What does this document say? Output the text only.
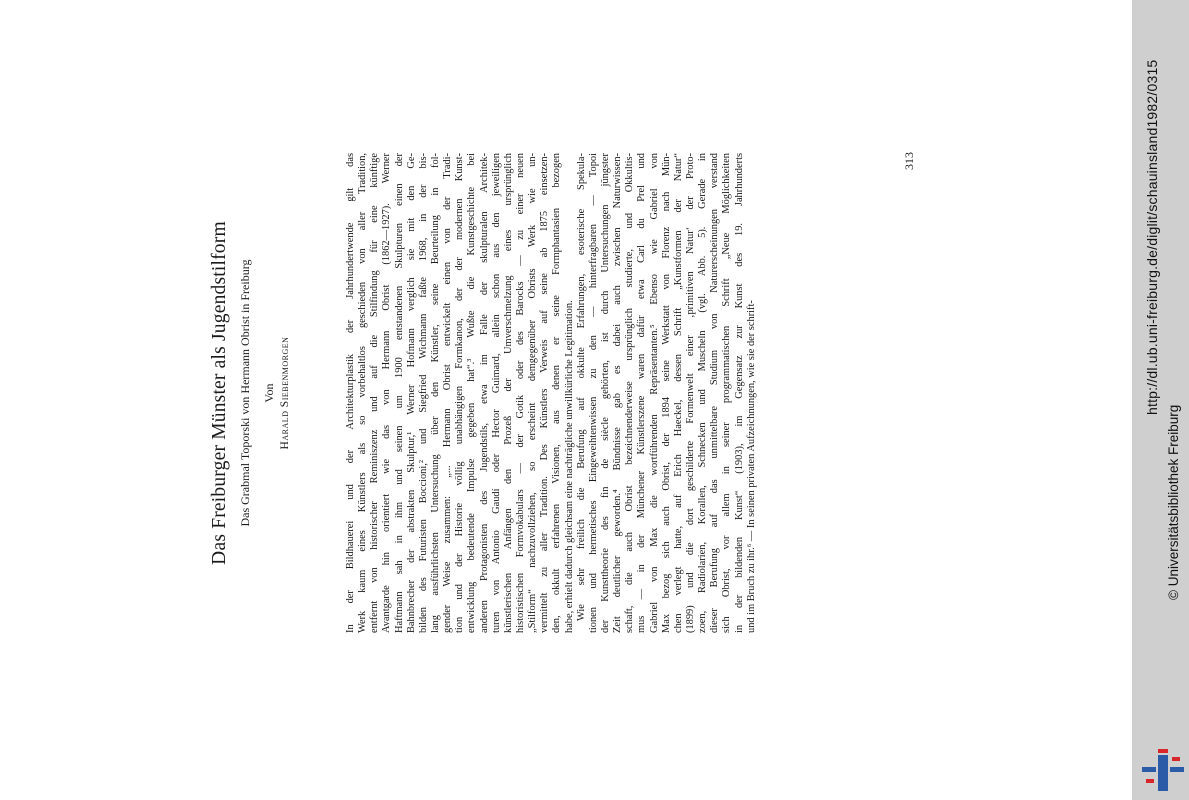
Das Freiburger Münster als Jugendstilform Das Grabmal Toporski von Hermann Obrist in Freiburg Von Harald Siebenmorgen	In der Bildhauerei und der Architekturplastik der Jahrhundertwende gilt das Werk kaum eines Künstlers als so vorbehaltlos geschieden von aller Tradition, entfernt von historischer Reminiszenz und auf die Stilfindung für eine künftige Avantgarde hin orientiert wie das von Hermann Obrist (1862—1927). Werner Haftmann sah in ihm und seinen um 1900 entstandenen Skulpturen einen der Bahnbrecher der abstrakten Skulptur,¹ Werner Hofmann verglich sie mit den Ge- bilden des Futuristen Boccioni,² und Siegfried Wichmann faßte 1968, in der bis- lang ausführlichsten Untersuchung über den Künstler, seine Beurteilung in fol- gender Weise zusammen: „... Hermann Obrist entwickelt einen von der Tradi- tion und der Historie völlig unabhängigen Formkanon, der der modernen Kunst- entwicklung bedeutende Impulse gegeben hat“.³ Wußte die Kunstgeschichte bei anderen Protagonisten des Jugendstils, etwa im Falle der skulpturalen Architek- turen von Antonio Gaudí oder Hector Guimard, allein schon aus den jeweiligen künstlerischen Anfängen den Prozeß der Umverschmelzung eines ursprünglich historistischen Formvokabulars — der Gotik oder des Barocks — zu einer neuen „Stilform“ nachzuvollziehen, so erscheint demgegenüber Obrists Werk wie un- vermittelt zu aller Tradition. Des Künstlers Verweis auf seine ab 1875 einsetzen- den, okkult erfahrenen Visionen, aus denen er seine Formphantasien bezogen habe, erhielt dadurch gleichsam eine nachträgliche unwillkürliche Legitimation. Wie sehr freilich die Berufung auf okkulte Erfahrungen, esoterische Spekula- tionen und hermetisches Eingeweihtenwissen zu den — hinterfragbaren — Topoi der Kunsttheorie des fin de siècle gehörten, ist durch Untersuchungen jüngster Zeit deutlicher geworden.⁴ Bündnisse gab es dabei auch zwischen Naturwissen- schaft, die auch Obrist bezeichnenderweise ursprünglich studierte, und Okkultis- mus — in der Münchener Künstlerszene waren dafür etwa Carl du Prel und Gabriel von Max die wortführenden Repräsentanten.⁵ Ebenso wie Gabriel von Max bezog sich auch Obrist, der 1894 seine Werkstatt von Florenz nach Mün- chen verlegt hatte, auf Erich Haeckel, dessen Schrift „Kunstformen der Natur“ (1899) und die dort geschilderte Formenwelt einer ‚primitiven Natur‘ der Proto- zoen, Radiolarien, Korallen, Schnecken und Muscheln (vgl. Abb. 5). Gerade in dieser Berufung auf das unmittelbare Studium von Naturerscheinungen verstand sich Obrist, vor allem in seiner programmatischen Schrift „Neue Möglichkeiten in der bildenden Kunst“ (1903), im Gegensatz zur Kunst des 19. Jahrhunderts und im Bruch zu ihr.⁶ — In seinen privaten Aufzeichnungen, wie sie der schrift-
313	http://dl.ub.uni-freiburg.de/diglit/schauinsland1982/0315
© Universitätsbibliothek Freiburg
